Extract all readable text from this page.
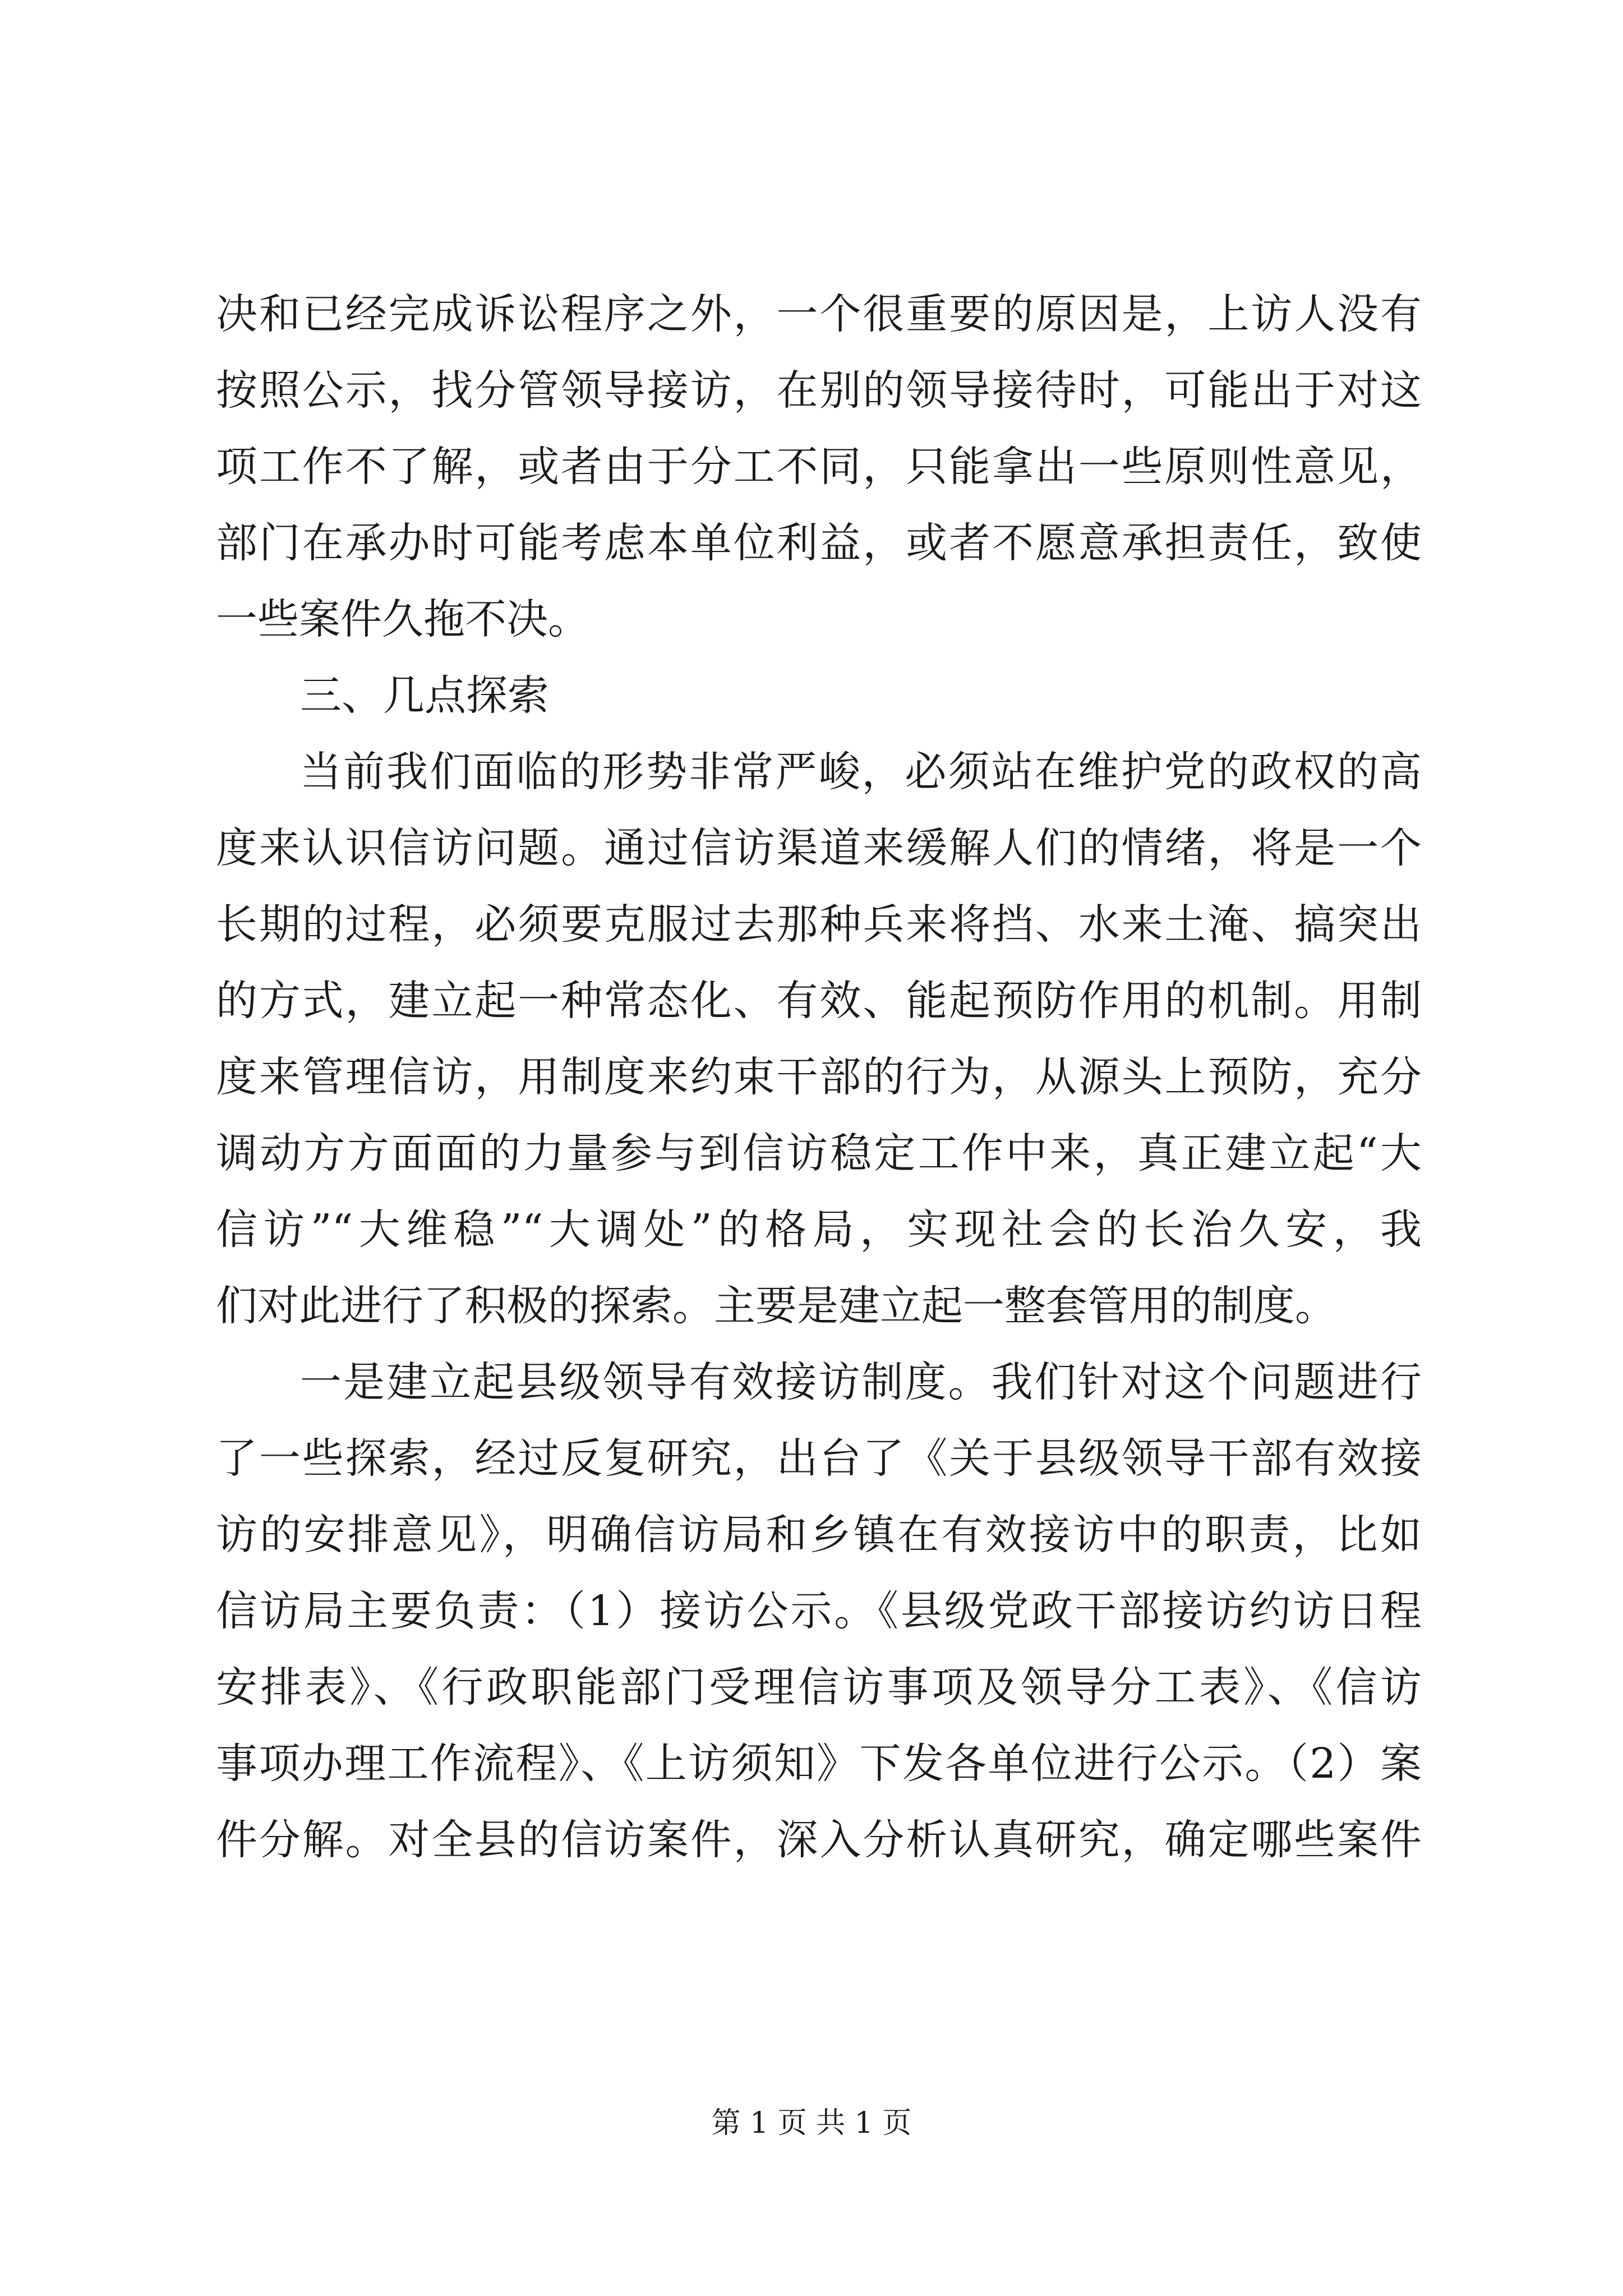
决和已经完成诉讼程序之外，一个很重要的原因是，上访人没有
按照公示，找分管领导接访，在别的领导接待时，可能出于对这
项工作不了解，或者由于分工不同，只能拿出一些原则性意见，
部门在承办时可能考虑本单位利益，或者不愿意承担责任，致使
一些案件久拖不决。
三、几点探索
当前我们面临的形势非常严峻，必须站在维护党的政权的高
度来认识信访问题。通过信访渠道来缓解人们的情绪，将是一个
长期的过程，必须要克服过去那种兵来将挡、水来土淹、搞突出
的方式，建立起一种常态化、有效、能起预防作用的机制。用制
度来管理信访，用制度来约束干部的行为，从源头上预防，充分
调动方方面面的力量参与到信访稳定工作中来，真正建立起“大
信访”“大维稳”“大调处”的格局，实现社会的长治久安，我
们对此进行了积极的探索。主要是建立起一整套管用的制度。
一是建立起县级领导有效接访制度。我们针对这个问题进行
了一些探索，经过反复研究，出台了《关于县级领导干部有效接
访的安排意见》，明确信访局和乡镇在有效接访中的职责，比如
信访局主要负责：（1）接访公示。《县级党政干部接访约访日程
安排表》、《行政职能部门受理信访事项及领导分工表》、《信访
事项办理工作流程》、《上访须知》下发各单位进行公示。（2）案
件分解。对全县的信访案件，深入分析认真研究，确定哪些案件
第 1 页 共 1 页
